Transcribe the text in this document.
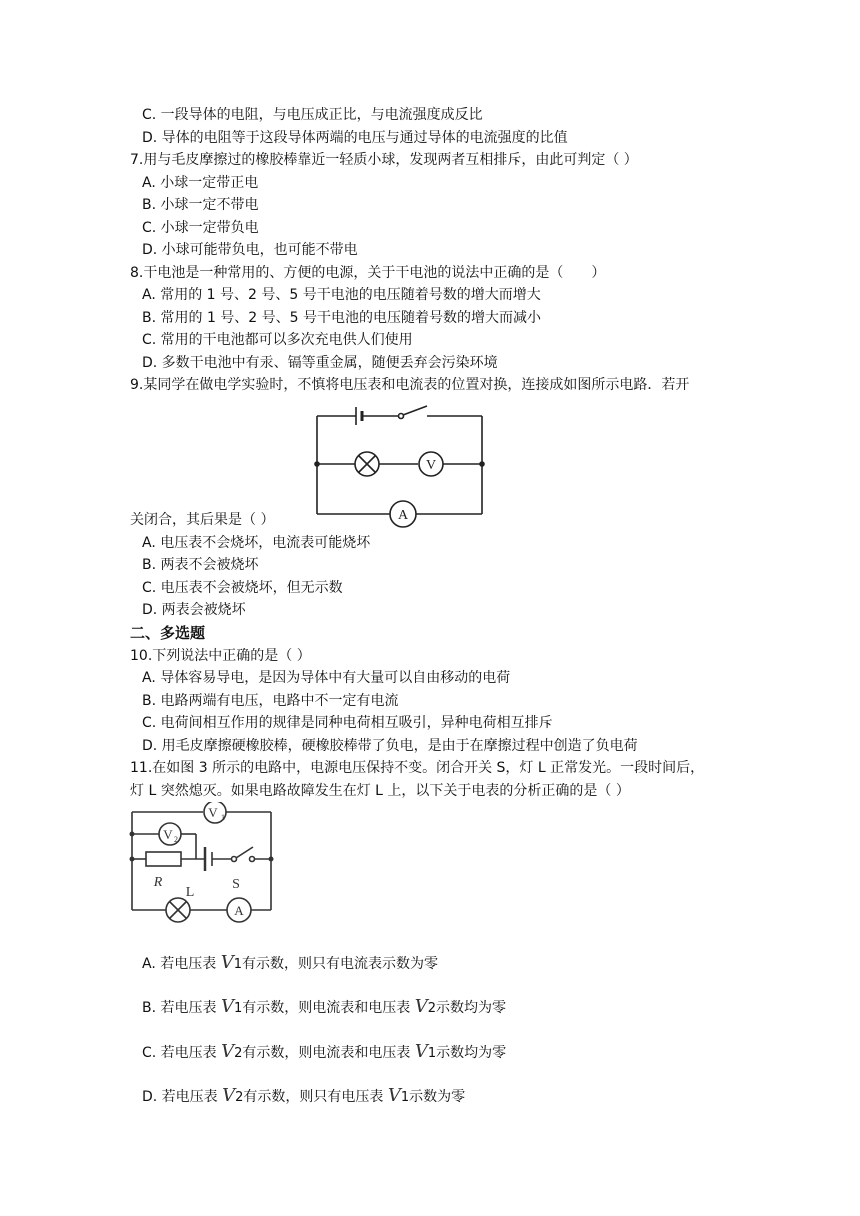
C. 一段导体的电阻，与电压成正比，与电流强度成反比
D. 导体的电阻等于这段导体两端的电压与通过导体的电流强度的比值
7.用与毛皮摩擦过的橡胶棒靠近一轻质小球，发现两者互相排斥，由此可判定（ ）
A. 小球一定带正电
B. 小球一定不带电
C. 小球一定带负电
D. 小球可能带负电，也可能不带电
8.干电池是一种常用的、方便的电源，关于干电池的说法中正确的是（　　）
A. 常用的 1 号、2 号、5 号干电池的电压随着号数的增大而增大
B. 常用的 1 号、2 号、5 号干电池的电压随着号数的增大而减小
C. 常用的干电池都可以多次充电供人们使用
D. 多数干电池中有汞、镉等重金属，随便丢弃会污染环境
9.某同学在做电学实验时，不慎将电压表和电流表的位置对换，连接成如图所示电路．若开
V
A
关闭合，其后果是（ ）
A. 电压表不会烧坏，电流表可能烧坏
B. 两表不会被烧坏
C. 电压表不会被烧坏，但无示数
D. 两表会被烧坏
二、多选题
10.下列说法中正确的是（ ）
A. 导体容易导电，是因为导体中有大量可以自由移动的电荷
B. 电路两端有电压，电路中不一定有电流
C. 电荷间相互作用的规律是同种电荷相互吸引，异种电荷相互排斥
D. 用毛皮摩擦硬橡胶棒，硬橡胶棒带了负电，是由于在摩擦过程中创造了负电荷
11.在如图 3 所示的电路中，电源电压保持不变。闭合开关 S，灯 L 正常发光。一段时间后，
灯 L 突然熄灭。如果电路故障发生在灯 L 上，以下关于电表的分析正确的是（ ）
V 1
V 2
R	S
L
A
A. 若电压表 V1有示数，则只有电流表示数为零
B. 若电压表 V1有示数，则电流表和电压表 V2示数均为零
C. 若电压表 V2有示数，则电流表和电压表 V1示数均为零
D. 若电压表 V2有示数，则只有电压表 V1示数为零
